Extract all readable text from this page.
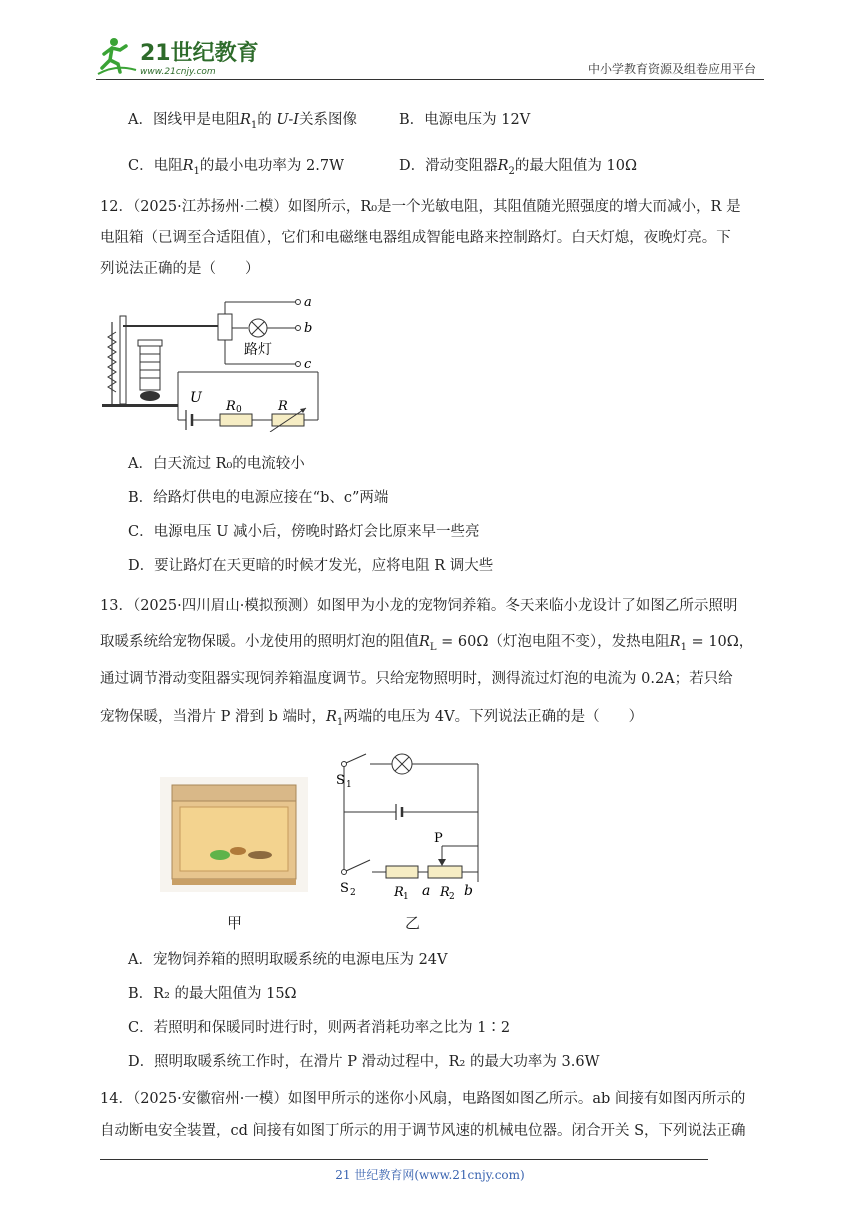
21世纪教育
www.21cnjy.com	中小学教育资源及组卷应用平台
A．图线甲是电阻$R_1$的 U-I关系图像	B．电源电压为 12V
C．电阻$R_1$的最小电功率为 2.7W	D．滑动变阻器$R_2$的最大阻值为 10Ω
12．（2025·江苏扬州·二模）如图所示，R₀是一个光敏电阻，其阻值随光照强度的增大而减小，R 是
电阻箱（已调至合适阻值），它们和电磁继电器组成智能电路来控制路灯。白天灯熄，夜晚灯亮。下
列说法正确的是（　　）
a
b
c
路灯
U
R 0	R
A．白天流过 R₀的电流较小
B．给路灯供电的电源应接在“b、c”两端
C．电源电压 U 减小后，傍晚时路灯会比原来早一些亮
D．要让路灯在天更暗的时候才发光，应将电阻 R 调大些
13．（2025·四川眉山·模拟预测）如图甲为小龙的宠物饲养箱。冬天来临小龙设计了如图乙所示照明
取暖系统给宠物保暖。小龙使用的照明灯泡的阻值$R_L = 60\Omega$（灯泡电阻不变），发热电阻$R_1 = 10\Omega$，
通过调节滑动变阻器实现饲养箱温度调节。只给宠物照明时，测得流过灯泡的电流为 0.2A；若只给
宠物保暖，当滑片 P 滑到 b 端时，$R_1$两端的电压为 4V。下列说法正确的是（　　）
甲
S 1
P
S 2	R 1 a R 2 b
乙
A．宠物饲养箱的照明取暖系统的电源电压为 24V
B．R₂ 的最大阻值为 15Ω
C．若照明和保暖同时进行时，则两者消耗功率之比为 1∶2
D．照明取暖系统工作时，在滑片 P 滑动过程中，R₂ 的最大功率为 3.6W
14．（2025·安徽宿州·一模）如图甲所示的迷你小风扇，电路图如图乙所示。ab 间接有如图丙所示的
自动断电安全装置，cd 间接有如图丁所示的用于调节风速的机械电位器。闭合开关 S，下列说法正确
21 世纪教育网(www.21cnjy.com)
